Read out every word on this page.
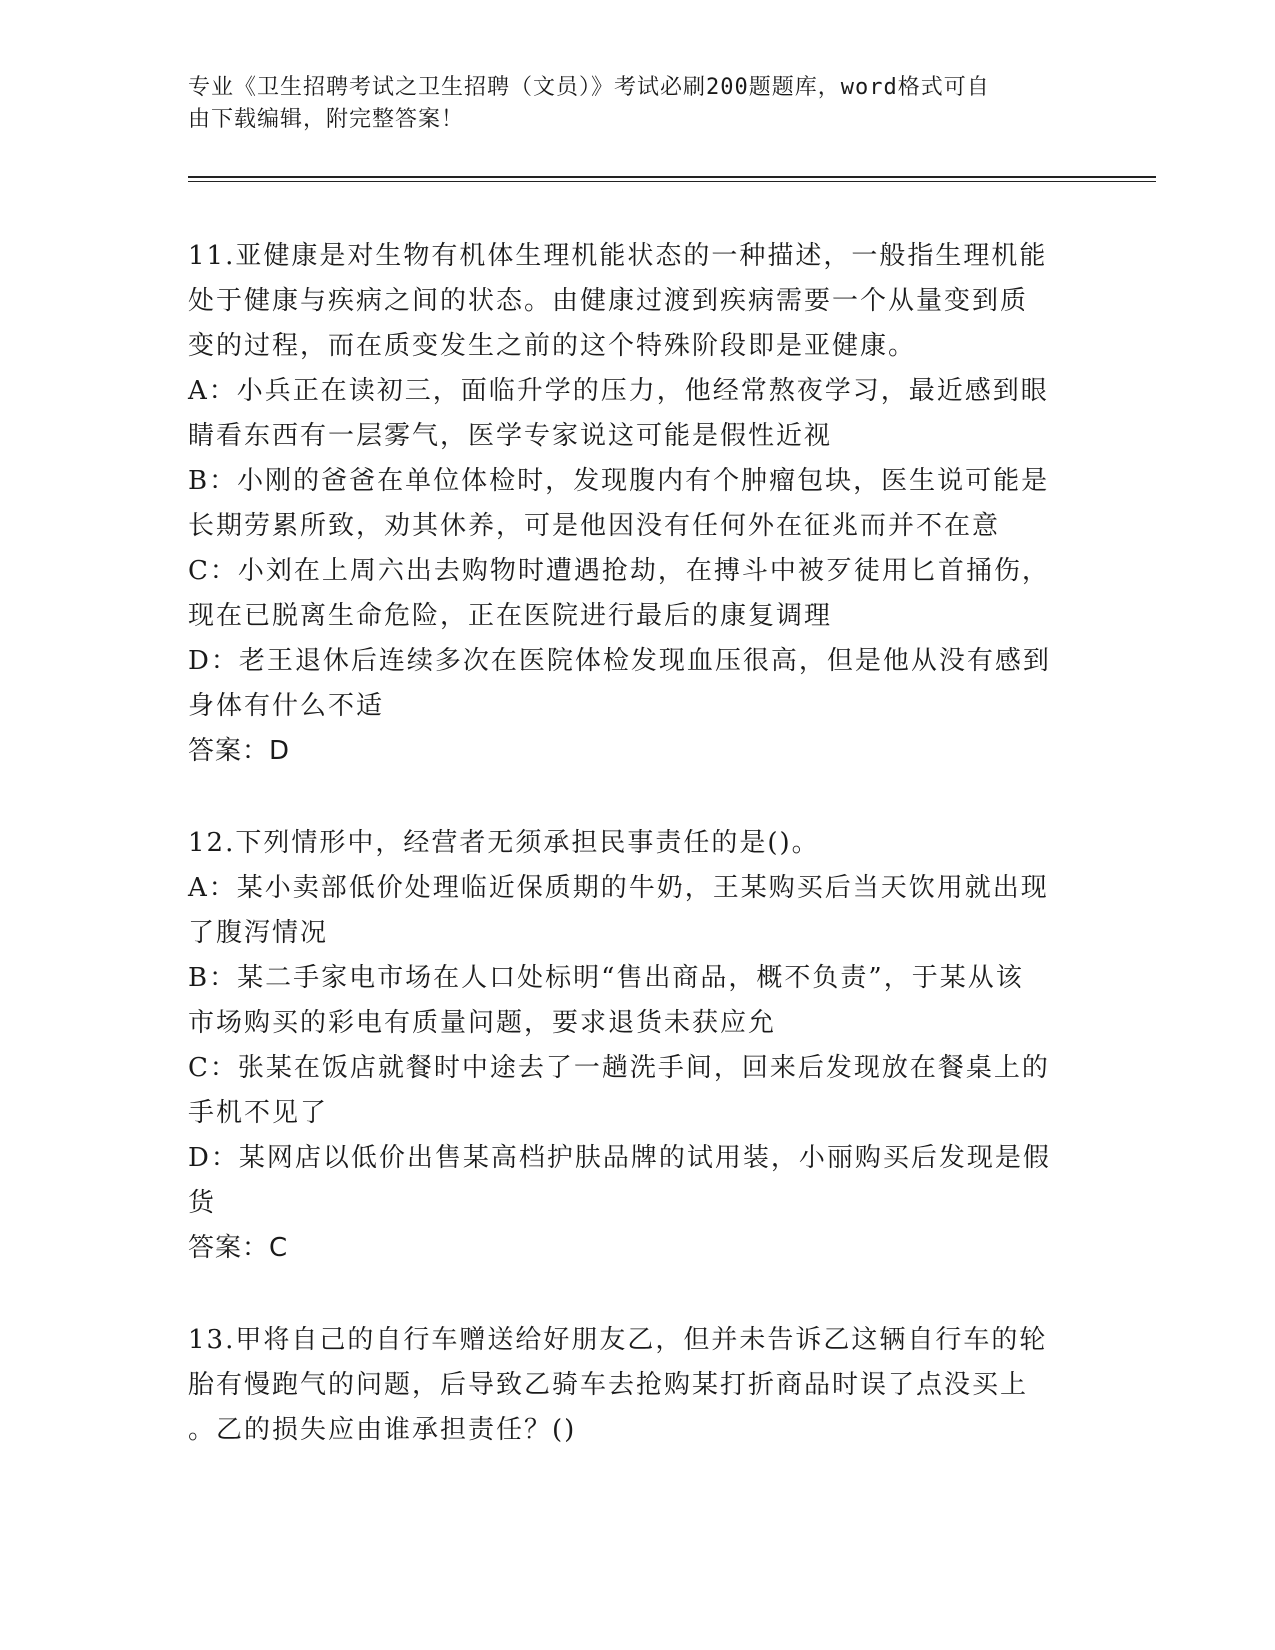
专业《卫生招聘考试之卫生招聘（文员）》考试必刷200题题库，word格式可自
由下载编辑，附完整答案！
11.亚健康是对生物有机体生理机能状态的一种描述，一般指生理机能
处于健康与疾病之间的状态。由健康过渡到疾病需要一个从量变到质
变的过程，而在质变发生之前的这个特殊阶段即是亚健康。
A：小兵正在读初三，面临升学的压力，他经常熬夜学习，最近感到眼
睛看东西有一层雾气，医学专家说这可能是假性近视
B：小刚的爸爸在单位体检时，发现腹内有个肿瘤包块，医生说可能是
长期劳累所致，劝其休养，可是他因没有任何外在征兆而并不在意
C：小刘在上周六出去购物时遭遇抢劫，在搏斗中被歹徒用匕首捅伤，
现在已脱离生命危险，正在医院进行最后的康复调理
D：老王退休后连续多次在医院体检发现血压很高，但是他从没有感到
身体有什么不适
答案：D
12.下列情形中，经营者无须承担民事责任的是()。
A：某小卖部低价处理临近保质期的牛奶，王某购买后当天饮用就出现
了腹泻情况
B：某二手家电市场在人口处标明“售出商品，概不负责”，于某从该
市场购买的彩电有质量问题，要求退货未获应允
C：张某在饭店就餐时中途去了一趟洗手间，回来后发现放在餐桌上的
手机不见了
D：某网店以低价出售某高档护肤品牌的试用装，小丽购买后发现是假
货
答案：C
13.甲将自己的自行车赠送给好朋友乙，但并未告诉乙这辆自行车的轮
胎有慢跑气的问题，后导致乙骑车去抢购某打折商品时误了点没买上
。乙的损失应由谁承担责任？()
